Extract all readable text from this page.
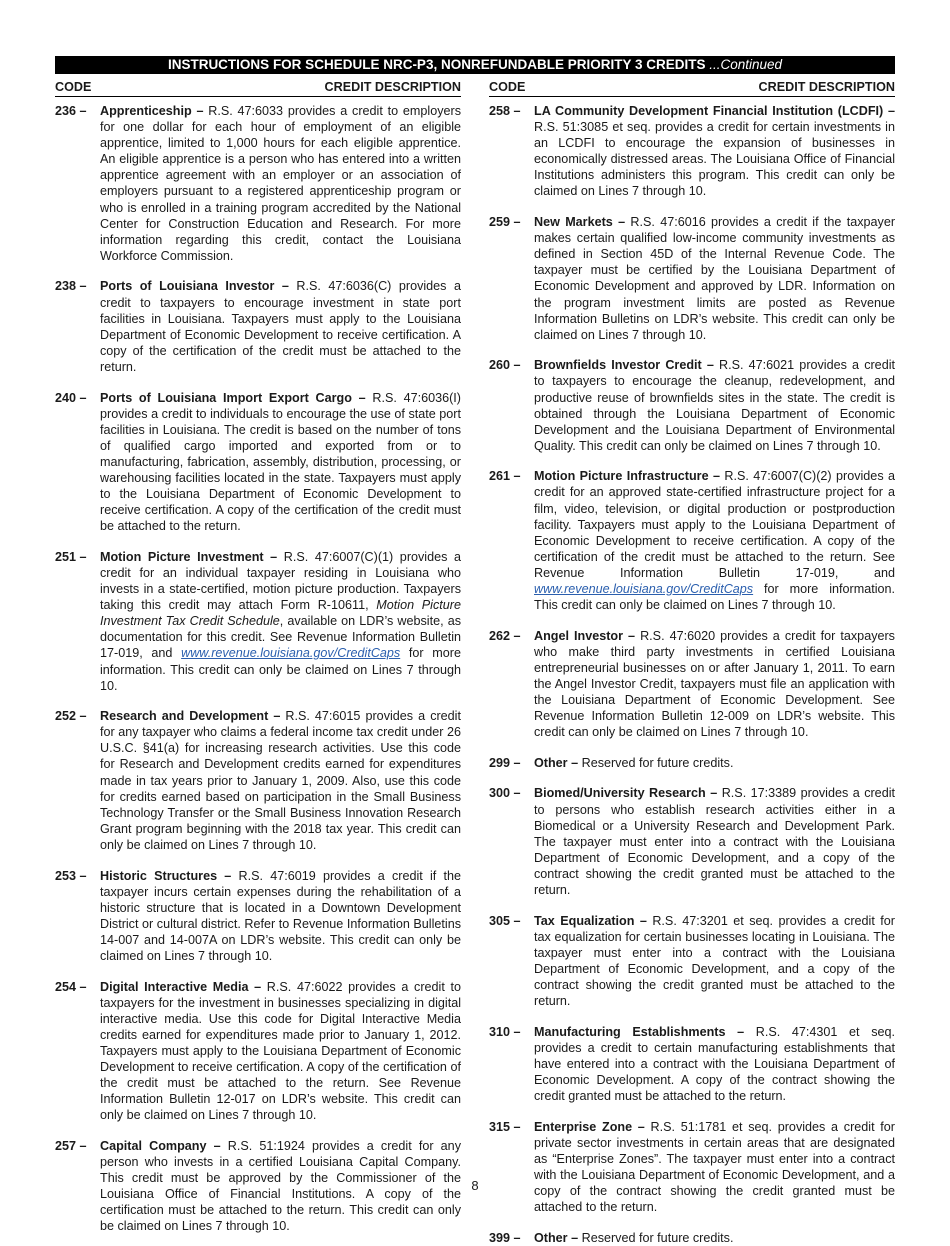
INSTRUCTIONS FOR SCHEDULE NRC-P3, NONREFUNDABLE PRIORITY 3 CREDITS ...Continued
CODE	CREDIT DESCRIPTION
236 –	Apprenticeship – R.S. 47:6033 provides a credit to employers for one dollar for each hour of employment of an eligible apprentice, limited to 1,000 hours for each eligible apprentice. An eligible apprentice is a person who has entered into a written apprentice agreement with an employer or an association of employers pursuant to a registered apprenticeship program or who is enrolled in a training program accredited by the National Center for Construction Education and Research. For more information regarding this credit, contact the Louisiana Workforce Commission.
238 –	Ports of Louisiana Investor – R.S. 47:6036(C) provides a credit to taxpayers to encourage investment in state port facilities in Louisiana. Taxpayers must apply to the Louisiana Department of Economic Development to receive certification. A copy of the certification of the credit must be attached to the return.
240 –	Ports of Louisiana Import Export Cargo – R.S. 47:6036(I) provides a credit to individuals to encourage the use of state port facilities in Louisiana. The credit is based on the number of tons of qualified cargo imported and exported from or to manufacturing, fabrication, assembly, distribution, processing, or warehousing facilities located in the state. Taxpayers must apply to the Louisiana Department of Economic Development to receive certification. A copy of the certification of the credit must be attached to the return.
251 –	Motion Picture Investment – R.S. 47:6007(C)(1) provides a credit for an individual taxpayer residing in Louisiana who invests in a state-certified, motion picture production. Taxpayers taking this credit may attach Form R-10611, Motion Picture Investment Tax Credit Schedule, available on LDR’s website, as documentation for this credit. See Revenue Information Bulletin 17-019, and www.revenue.louisiana.gov/CreditCaps for more information. This credit can only be claimed on Lines 7 through 10.
252 –	Research and Development – R.S. 47:6015 provides a credit for any taxpayer who claims a federal income tax credit under 26 U.S.C. §41(a) for increasing research activities. Use this code for Research and Development credits earned for expenditures made in tax years prior to January 1, 2009. Also, use this code for credits earned based on participation in the Small Business Technology Transfer or the Small Business Innovation Research Grant program beginning with the 2018 tax year. This credit can only be claimed on Lines 7 through 10.
253 –	Historic Structures – R.S. 47:6019 provides a credit if the taxpayer incurs certain expenses during the rehabilitation of a historic structure that is located in a Downtown Development District or cultural district. Refer to Revenue Information Bulletins 14-007 and 14-007A on LDR’s website. This credit can only be claimed on Lines 7 through 10.
254 –	Digital Interactive Media – R.S. 47:6022 provides a credit to taxpayers for the investment in businesses specializing in digital interactive media. Use this code for Digital Interactive Media credits earned for expenditures made prior to January 1, 2012. Taxpayers must apply to the Louisiana Department of Economic Development to receive certification. A copy of the certification of the credit must be attached to the return. See Revenue Information Bulletin 12-017 on LDR’s website. This credit can only be claimed on Lines 7 through 10.
257 –	Capital Company – R.S. 51:1924 provides a credit for any person who invests in a certified Louisiana Capital Company. This credit must be approved by the Commissioner of the Louisiana Office of Financial Institutions. A copy of the certification must be attached to the return. This credit can only be claimed on Lines 7 through 10.
CODE	CREDIT DESCRIPTION
258 –	LA Community Development Financial Institution (LCDFI) – R.S. 51:3085 et seq. provides a credit for certain investments in an LCDFI to encourage the expansion of businesses in economically distressed areas. The Louisiana Office of Financial Institutions administers this program. This credit can only be claimed on Lines 7 through 10.
259 –	New Markets – R.S. 47:6016 provides a credit if the taxpayer makes certain qualified low-income community investments as defined in Section 45D of the Internal Revenue Code. The taxpayer must be certified by the Louisiana Department of Economic Development and approved by LDR. Information on the program investment limits are posted as Revenue Information Bulletins on LDR’s website. This credit can only be claimed on Lines 7 through 10.
260 –	Brownfields Investor Credit – R.S. 47:6021 provides a credit to taxpayers to encourage the cleanup, redevelopment, and productive reuse of brownfields sites in the state. The credit is obtained through the Louisiana Department of Economic Development and the Louisiana Department of Environmental Quality. This credit can only be claimed on Lines 7 through 10.
261 –	Motion Picture Infrastructure – R.S. 47:6007(C)(2) provides a credit for an approved state-certified infrastructure project for a film, video, television, or digital production or postproduction facility. Taxpayers must apply to the Louisiana Department of Economic Development to receive certification. A copy of the certification of the credit must be attached to the return. See Revenue Information Bulletin 17-019, and www.revenue.louisiana.gov/CreditCaps for more information. This credit can only be claimed on Lines 7 through 10.
262 –	Angel Investor – R.S. 47:6020 provides a credit for taxpayers who make third party investments in certified Louisiana entrepreneurial businesses on or after January 1, 2011. To earn the Angel Investor Credit, taxpayers must file an application with the Louisiana Department of Economic Development. See Revenue Information Bulletin 12-009 on LDR’s website. This credit can only be claimed on Lines 7 through 10.
299 –	Other – Reserved for future credits.
300 –	Biomed/University Research – R.S. 17:3389 provides a credit to persons who establish research activities either in a Biomedical or a University Research and Development Park. The taxpayer must enter into a contract with the Louisiana Department of Economic Development, and a copy of the contract showing the credit granted must be attached to the return.
305 –	Tax Equalization – R.S. 47:3201 et seq. provides a credit for tax equalization for certain businesses locating in Louisiana. The taxpayer must enter into a contract with the Louisiana Department of Economic Development, and a copy of the contract showing the credit granted must be attached to the return.
310 –	Manufacturing Establishments – R.S. 47:4301 et seq. provides a credit to certain manufacturing establishments that have entered into a contract with the Louisiana Department of Economic Development. A copy of the contract showing the credit granted must be attached to the return.
315 –	Enterprise Zone – R.S. 51:1781 et seq. provides a credit for private sector investments in certain areas that are designated as “Enterprise Zones”. The taxpayer must enter into a contract with the Louisiana Department of Economic Development, and a copy of the contract showing the credit granted must be attached to the return.
399 –	Other – Reserved for future credits.
8
